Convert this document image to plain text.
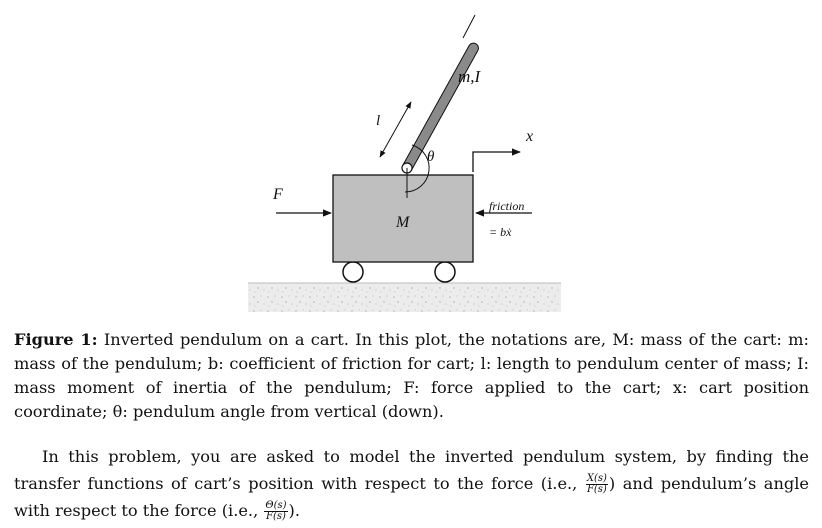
m,I
l
θ
x
F
M
friction
= bẋ
Figure 1: Inverted pendulum on a cart. In this plot, the notations are, M: mass of the cart: m: mass of the pendulum; b: coefficient of friction for cart; l: length to pendulum center of mass; I: mass moment of inertia of the pendulum; F: force applied to the cart; x: cart position coordinate; θ: pendulum angle from vertical (down).
In this problem, you are asked to model the inverted pendulum system, by finding the transfer functions of cart’s position with respect to the force (i.e., $\frac{X(s)}{F(s)}$ ) and pendulum’s angle with respect to the force (i.e., $\frac{\Theta(s)}{F(s)}$ ).
